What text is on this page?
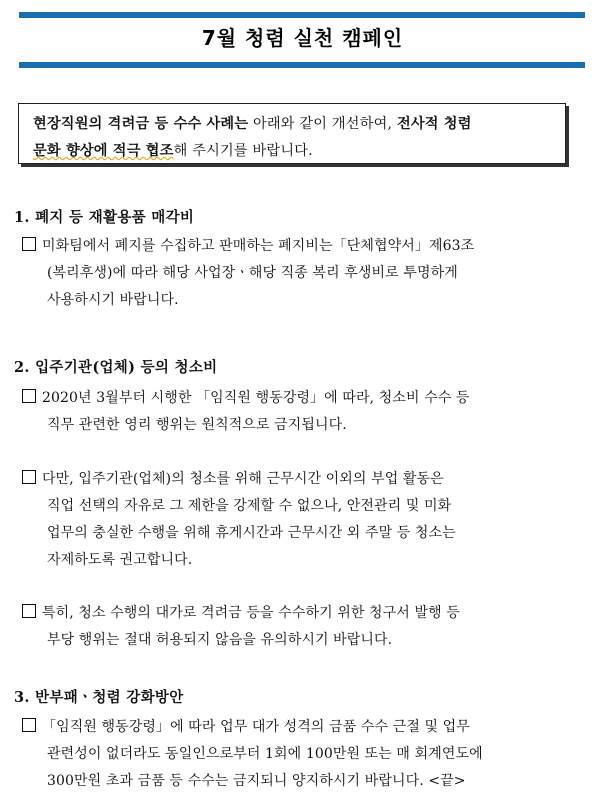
7월 청렴 실천 캠페인
현장직원의 격려금 등 수수 사례는 아래와 같이 개선하여, 전사적 청렴
문화 향상에 적극 협조해 주시기를 바랍니다.
1. 폐지 등 재활용품 매각비
미화팀에서 폐지를 수집하고 판매하는 폐지비는「단체협약서」제63조
(복리후생)에 따라 해당 사업장ㆍ해당 직종 복리 후생비로 투명하게
사용하시기 바랍니다.
2. 입주기관(업체) 등의 청소비
2020년 3월부터 시행한 「임직원 행동강령」에 따라, 청소비 수수 등
직무 관련한 영리 행위는 원칙적으로 금지됩니다.
다만, 입주기관(업체)의 청소를 위해 근무시간 이외의 부업 활동은
직업 선택의 자유로 그 제한을 강제할 수 없으나, 안전관리 및 미화
업무의 충실한 수행을 위해 휴게시간과 근무시간 외 주말 등 청소는
자제하도록 권고합니다.
특히, 청소 수행의 대가로 격려금 등을 수수하기 위한 청구서 발행 등
부당 행위는 절대 허용되지 않음을 유의하시기 바랍니다.
3. 반부패ㆍ청렴 강화방안
「임직원 행동강령」에 따라 업무 대가 성격의 금품 수수 근절 및 업무
관련성이 없더라도 동일인으로부터 1회에 100만원 또는 매 회계연도에
300만원 초과 금품 등 수수는 금지되니 양지하시기 바랍니다. <끝>
